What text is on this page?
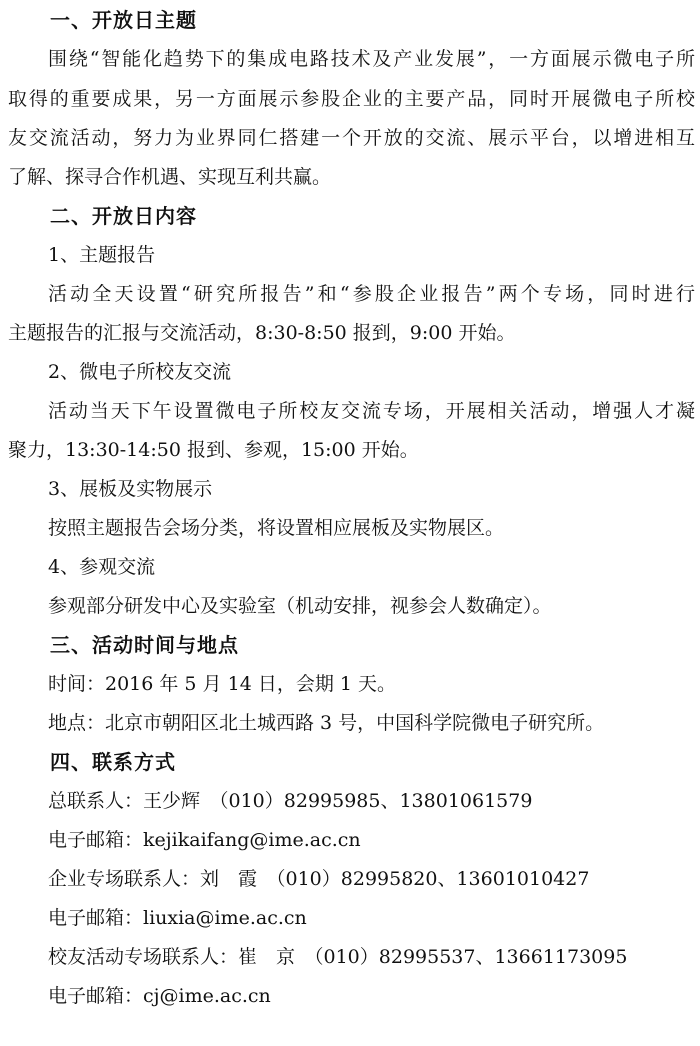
一、开放日主题
围绕“智能化趋势下的集成电路技术及产业发展”，一方面展示微电子所
取得的重要成果，另一方面展示参股企业的主要产品，同时开展微电子所校
友交流活动，努力为业界同仁搭建一个开放的交流、展示平台，以增进相互
了解、探寻合作机遇、实现互利共赢。
二、开放日内容
1、主题报告
活动全天设置“研究所报告”和“参股企业报告”两个专场，同时进行
主题报告的汇报与交流活动，8:30-8:50 报到，9:00 开始。
2、微电子所校友交流
活动当天下午设置微电子所校友交流专场，开展相关活动，增强人才凝
聚力，13:30-14:50 报到、参观，15:00 开始。
3、展板及实物展示
按照主题报告会场分类，将设置相应展板及实物展区。
4、参观交流
参观部分研发中心及实验室（机动安排，视参会人数确定）。
三、活动时间与地点
时间：2016 年 5 月 14 日，会期 1 天。
地点：北京市朝阳区北土城西路 3 号，中国科学院微电子研究所。
四、联系方式
总联系人：王少辉　（010）82995985、13801061579
电子邮箱：kejikaifang@ime.ac.cn
企业专场联系人：刘　霞　（010）82995820、13601010427
电子邮箱：liuxia@ime.ac.cn
校友活动专场联系人：崔　京　（010）82995537、13661173095
电子邮箱：cj@ime.ac.cn
